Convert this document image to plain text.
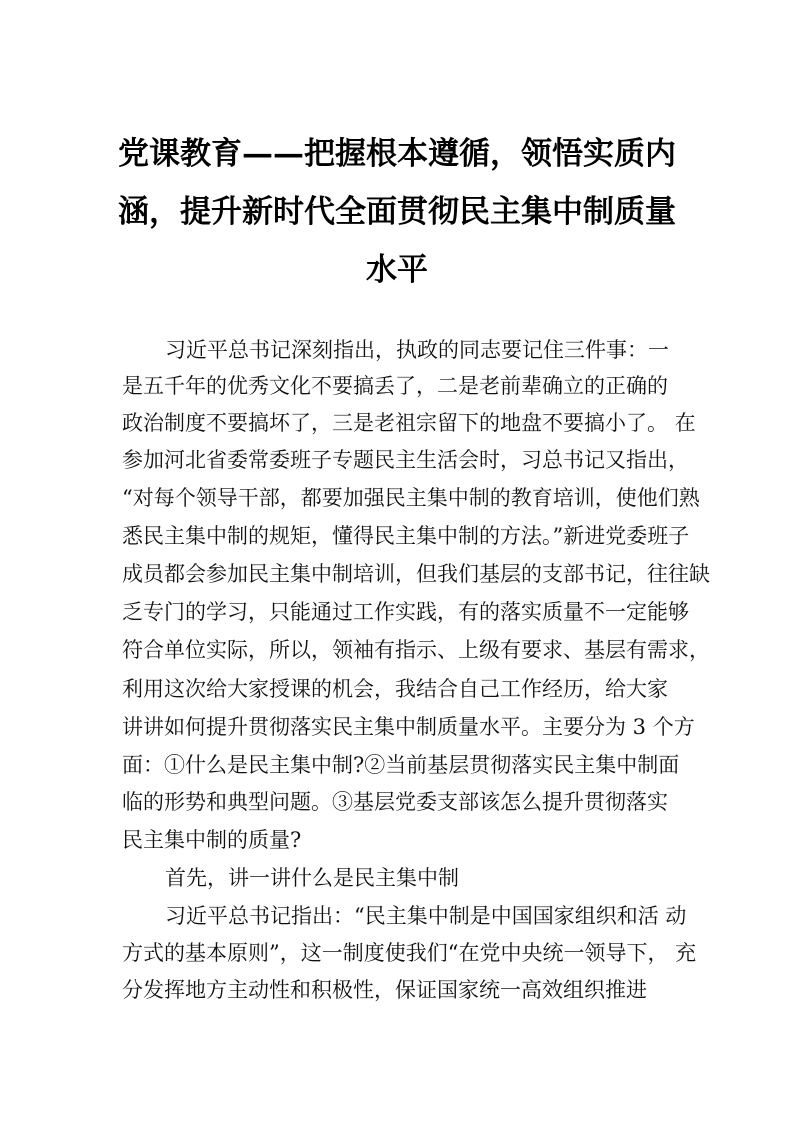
党课教育——把握根本遵循，领悟实质内
涵，提升新时代全面贯彻民主集中制质量
水平
习近平总书记深刻指出，执政的同志要记住三件事：一
是五千年的优秀文化不要搞丢了，二是老前辈确立的正确的
政治制度不要搞坏了，三是老祖宗留下的地盘不要搞小了。 在
参加河北省委常委班子专题民主生活会时，习总书记又指出，
“对每个领导干部，都要加强民主集中制的教育培训，使他们熟
悉民主集中制的规矩，懂得民主集中制的方法。”新进党委班子
成员都会参加民主集中制培训，但我们基层的支部书记，往往缺
乏专门的学习，只能通过工作实践，有的落实质量不一定能够
符合单位实际，所以，领袖有指示、上级有要求、基层有需求，
利用这次给大家授课的机会，我结合自己工作经历，给大家
讲讲如何提升贯彻落实民主集中制质量水平。主要分为 3 个方
面：①什么是民主集中制?②当前基层贯彻落实民主集中制面
临的形势和典型问题。③基层党委支部该怎么提升贯彻落实
民主集中制的质量?
首先，讲一讲什么是民主集中制
习近平总书记指出：“民主集中制是中国国家组织和活 动
方式的基本原则”，这一制度使我们“在党中央统一领导下， 充
分发挥地方主动性和积极性，保证国家统一高效组织推进
